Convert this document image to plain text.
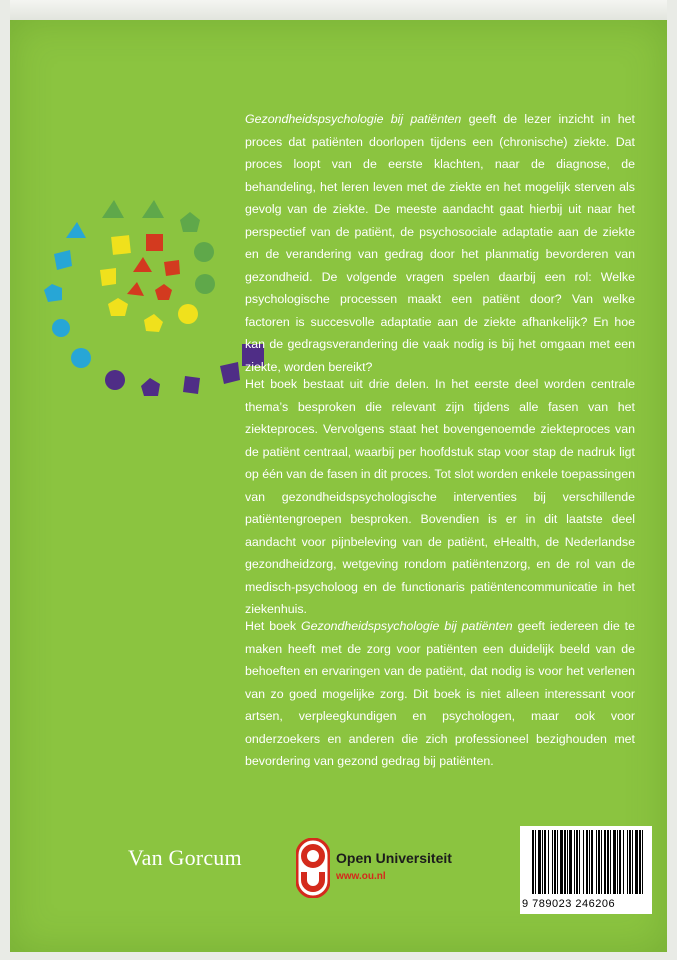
Gezondheidspsychologie bij patiënten geeft de lezer inzicht in het proces dat patiënten doorlopen tijdens een (chronische) ziekte. Dat proces loopt van de eerste klachten, naar de diagnose, de behandeling, het leren leven met de ziekte en het mogelijk sterven als gevolg van de ziekte. De meeste aandacht gaat hierbij uit naar het perspectief van de patiënt, de psychosociale adaptatie aan de ziekte en de verandering van gedrag door het planmatig bevorderen van gezondheid. De volgende vragen spelen daarbij een rol: Welke psychologische processen maakt een patiënt door? Van welke factoren is succesvolle adaptatie aan de ziekte afhankelijk? En hoe kan de gedragsverandering die vaak nodig is bij het omgaan met een ziekte, worden bereikt?

Het boek bestaat uit drie delen. In het eerste deel worden centrale thema’s besproken die relevant zijn tijdens alle fasen van het ziekteproces. Vervolgens staat het bovengenoemde ziekteproces van de patiënt centraal, waarbij per hoofdstuk stap voor stap de nadruk ligt op één van de fasen in dit proces. Tot slot worden enkele toepassingen van gezondheidspsychologische interventies bij verschillende patiëntengroepen besproken. Bovendien is er in dit laatste deel aandacht voor pijnbeleving van de patiënt, eHealth, de Nederlandse gezondheidzorg, wetgeving rondom patiëntenzorg, en de rol van de medisch-psycholoog en de functionaris patiëntencommunicatie in het ziekenhuis.

Het boek Gezondheidspsychologie bij patiënten geeft iedereen die te maken heeft met de zorg voor patiënten een duidelijk beeld van de behoeften en ervaringen van de patiënt, dat nodig is voor het verlenen van zo goed mogelijke zorg. Dit boek is niet alleen interessant voor artsen, verpleegkundigen en psychologen, maar ook voor onderzoekers en anderen die zich professioneel bezighouden met bevordering van gezond gedrag bij patiënten.

Van Gorcum	Open Universiteit
www.ou.nl
9 789023 246206
